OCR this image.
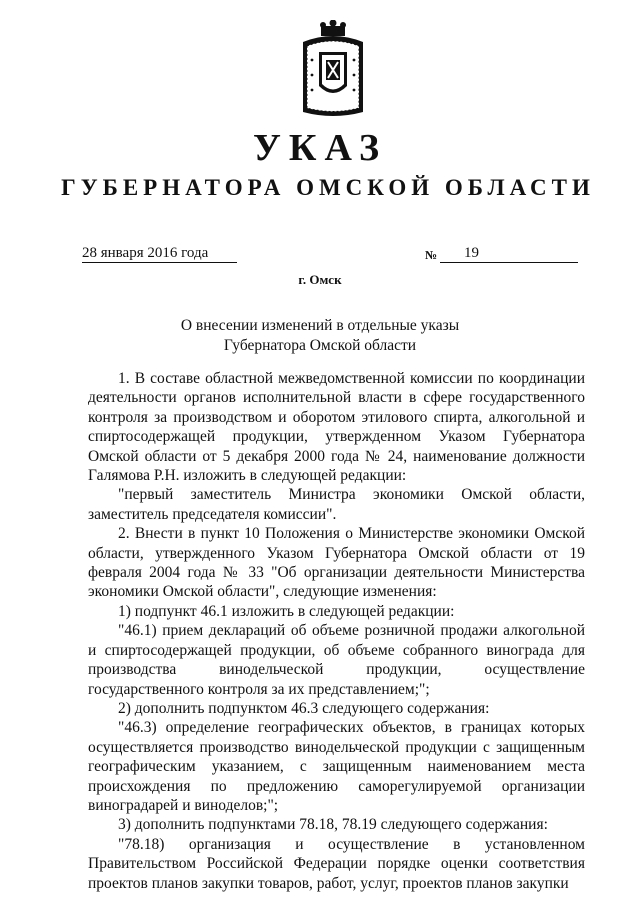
УКАЗ
ГУБЕРНАТОРА ОМСКОЙ ОБЛАСТИ
28 января 2016 года	№	19
г. Омск
О внесении изменений в отдельные указы
Губернатора Омской области

1. В составе областной межведомственной комиссии по координации деятельности органов исполнительной власти в сфере государственного контроля за производством и оборотом этилового спирта, алкогольной и спиртосодержащей продукции, утвержденном Указом Губернатора Омской области от 5 декабря 2000 года № 24, наименование должности Галямова Р.Н. изложить в следующей редакции:

"первый заместитель Министра экономики Омской области, заместитель председателя комиссии".

2. Внести в пункт 10 Положения о Министерстве экономики Омской области, утвержденного Указом Губернатора Омской области от 19 февраля 2004 года № 33 "Об организации деятельности Министерства экономики Омской области", следующие изменения:

1) подпункт 46.1 изложить в следующей редакции:

"46.1) прием деклараций об объеме розничной продажи алкогольной и спиртосодержащей продукции, об объеме собранного винограда для производства винодельческой продукции, осуществление государственного контроля за их представлением;";

2) дополнить подпунктом 46.3 следующего содержания:

"46.3) определение географических объектов, в границах которых осуществляется производство винодельческой продукции с защищенным географическим указанием, с защищенным наименованием места происхождения по предложению саморегулируемой организации виноградарей и виноделов;";

3) дополнить подпунктами 78.18, 78.19 следующего содержания:

"78.18) организация и осуществление в установленном Правительством Российской Федерации порядке оценки соответствия проектов планов закупки товаров, работ, услуг, проектов планов закупки
